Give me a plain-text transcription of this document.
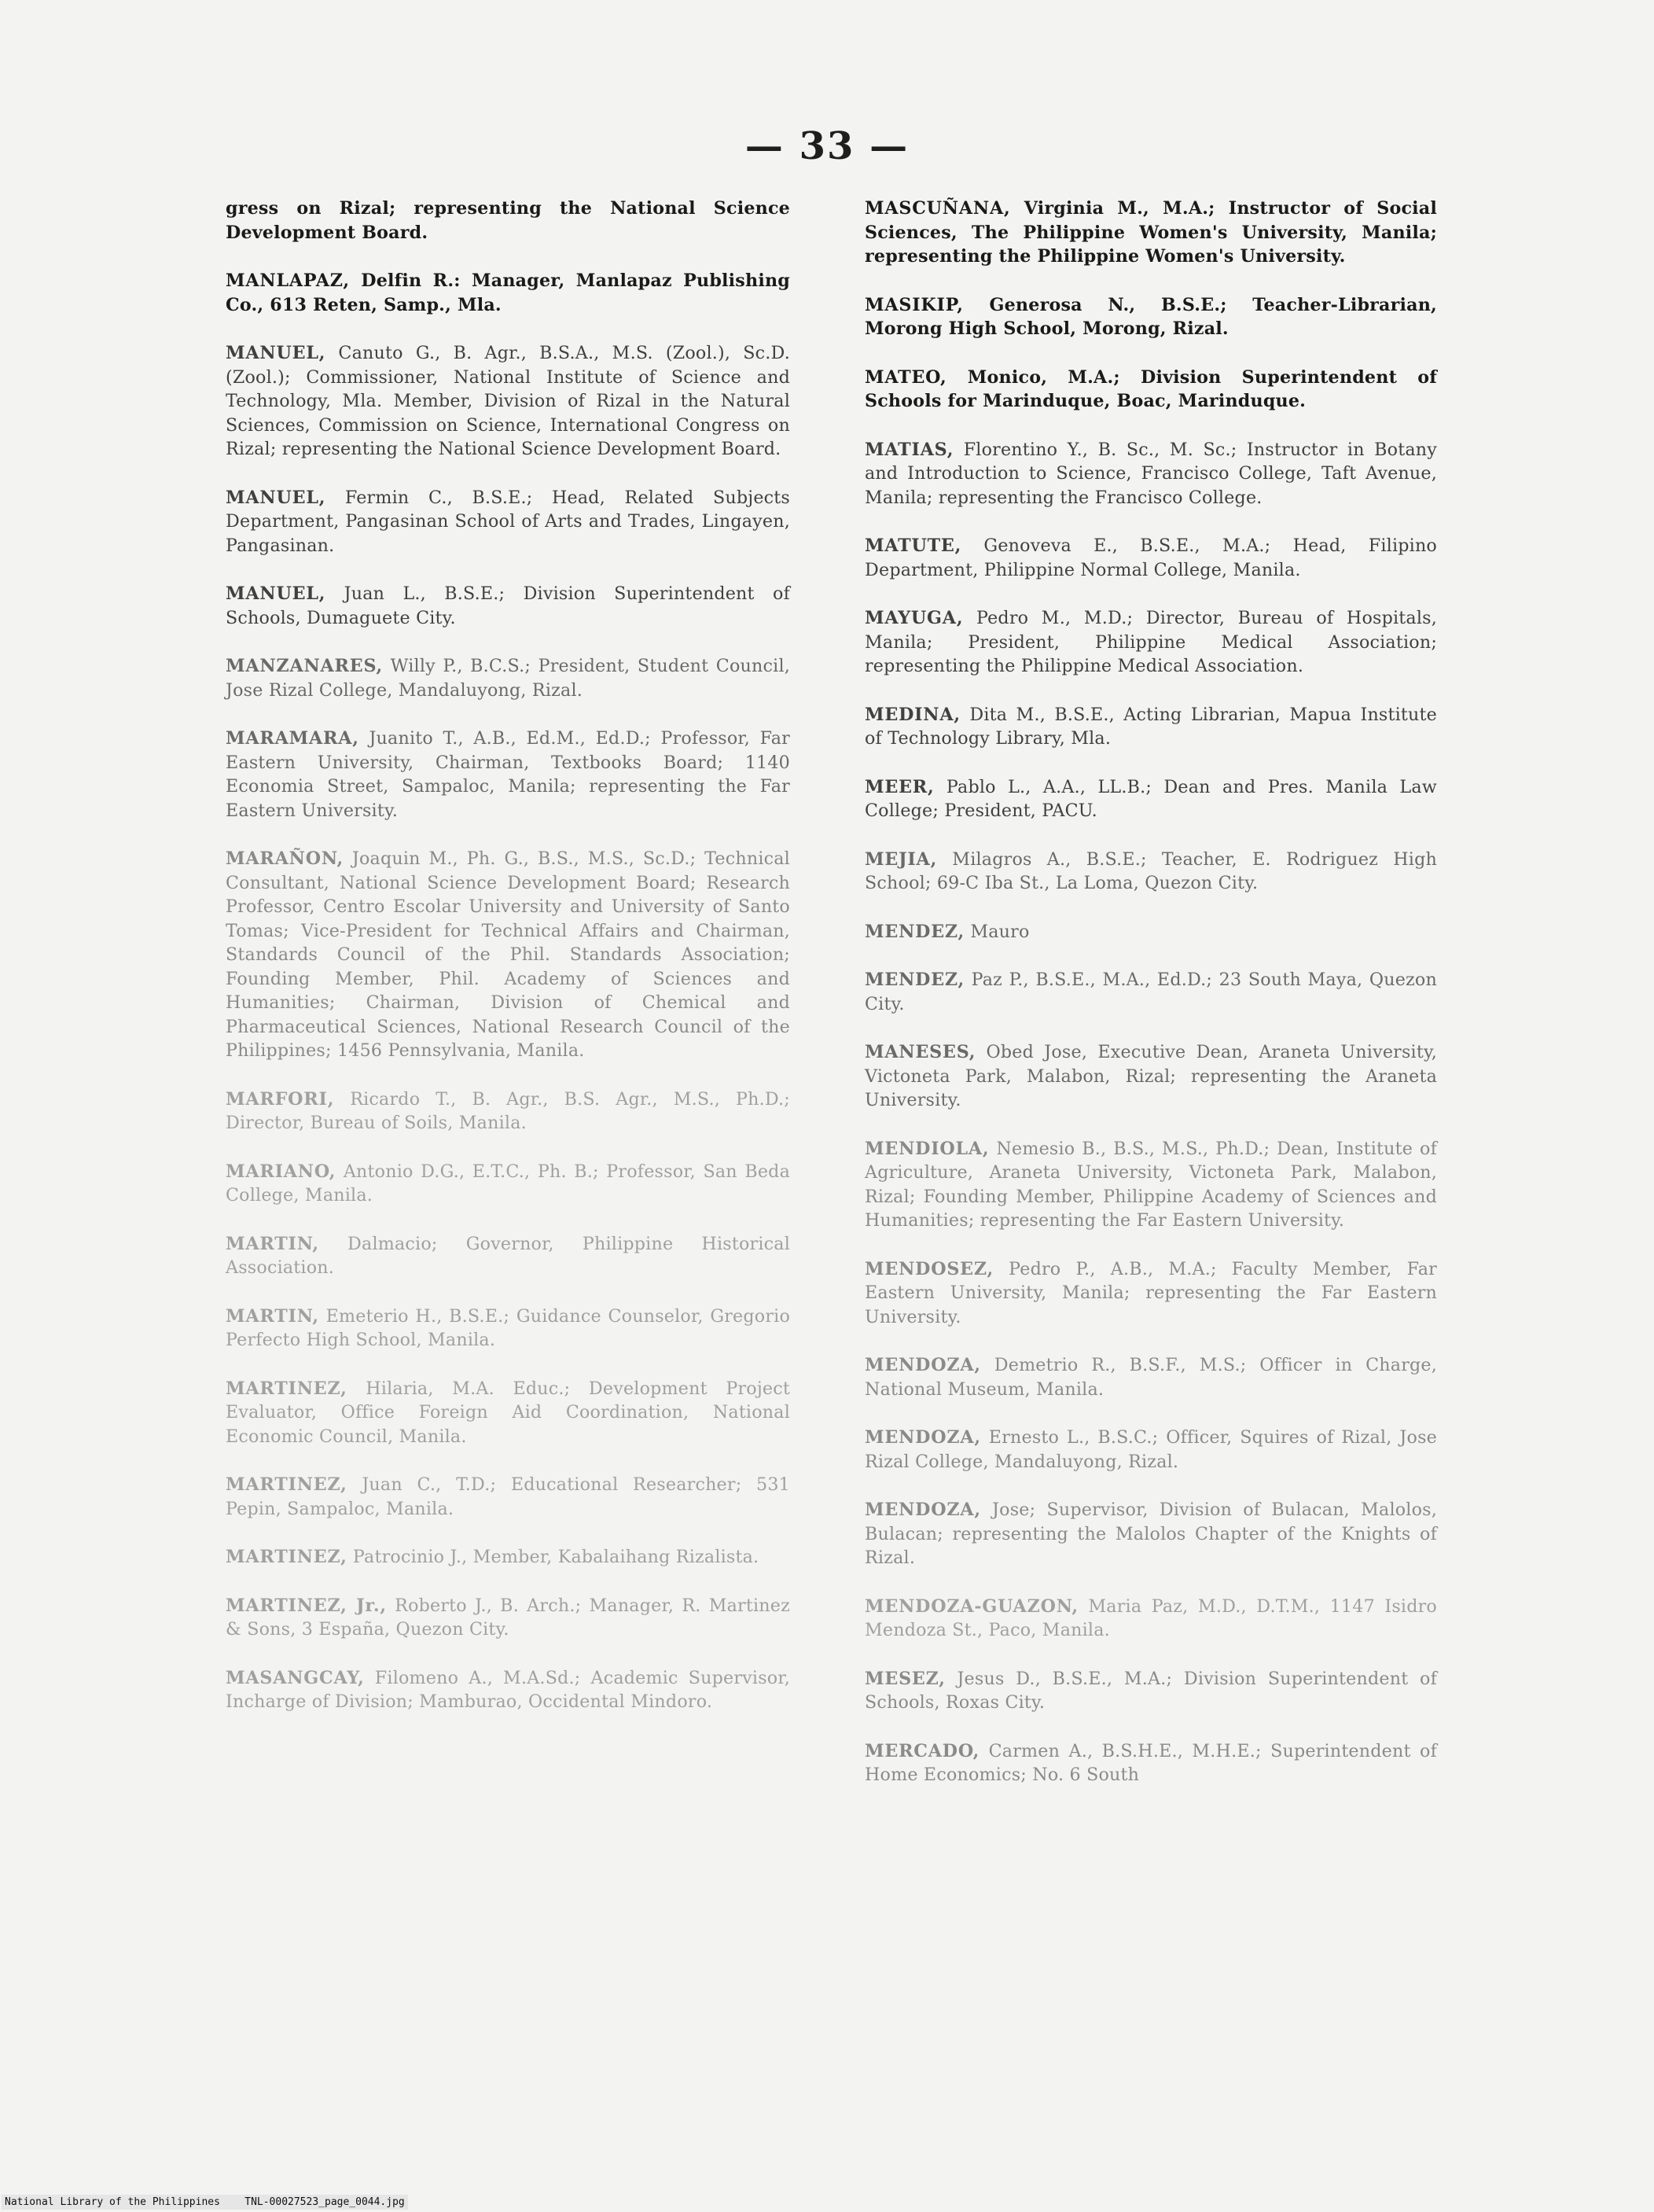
— 33 —

gress on Rizal; representing the National Science Development Board.

MANLAPAZ, Delfin R.: Manager, Manlapaz Publishing Co., 613 Reten, Samp., Mla.

MANUEL, Canuto G., B. Agr., B.S.A., M.S. (Zool.), Sc.D. (Zool.); Commissioner, National Institute of Science and Technology, Mla. Member, Division of Rizal in the Natural Sciences, Commission on Science, International Congress on Rizal; representing the National Science Development Board.

MANUEL, Fermin C., B.S.E.; Head, Related Subjects Department, Pangasinan School of Arts and Trades, Lingayen, Pangasinan.

MANUEL, Juan L., B.S.E.; Division Superintendent of Schools, Dumaguete City.

MANZANARES, Willy P., B.C.S.; President, Student Council, Jose Rizal College, Mandaluyong, Rizal.

MARAMARA, Juanito T., A.B., Ed.M., Ed.D.; Professor, Far Eastern University, Chairman, Textbooks Board; 1140 Economia Street, Sampaloc, Manila; representing the Far Eastern University.

MARAÑON, Joaquin M., Ph. G., B.S., M.S., Sc.D.; Technical Consultant, National Science Development Board; Research Professor, Centro Escolar University and University of Santo Tomas; Vice-President for Technical Affairs and Chairman, Standards Council of the Phil. Standards Association; Founding Member, Phil. Academy of Sciences and Humanities; Chairman, Division of Chemical and Pharmaceutical Sciences, National Research Council of the Philippines; 1456 Pennsylvania, Manila.

MARFORI, Ricardo T., B. Agr., B.S. Agr., M.S., Ph.D.; Director, Bureau of Soils, Manila.

MARIANO, Antonio D.G., E.T.C., Ph. B.; Professor, San Beda College, Manila.

MARTIN, Dalmacio; Governor, Philippine Historical Association.

MARTIN, Emeterio H., B.S.E.; Guidance Counselor, Gregorio Perfecto High School, Manila.

MARTINEZ, Hilaria, M.A. Educ.; Development Project Evaluator, Office Foreign Aid Coordination, National Economic Council, Manila.

MARTINEZ, Juan C., T.D.; Educational Researcher; 531 Pepin, Sampaloc, Manila.

MARTINEZ, Patrocinio J., Member, Kabalaihang Rizalista.

MARTINEZ, Jr., Roberto J., B. Arch.; Manager, R. Martinez & Sons, 3 España, Quezon City.

MASANGCAY, Filomeno A., M.A.Sd.; Academic Supervisor, Incharge of Division; Mamburao, Occidental Mindoro.

MASCUÑANA, Virginia M., M.A.; Instructor of Social Sciences, The Philippine Women's University, Manila; representing the Philippine Women's University.

MASIKIP, Generosa N., B.S.E.; Teacher-Librarian, Morong High School, Morong, Rizal.

MATEO, Monico, M.A.; Division Superintendent of Schools for Marinduque, Boac, Marinduque.

MATIAS, Florentino Y., B. Sc., M. Sc.; Instructor in Botany and Introduction to Science, Francisco College, Taft Avenue, Manila; representing the Francisco College.

MATUTE, Genoveva E., B.S.E., M.A.; Head, Filipino Department, Philippine Normal College, Manila.

MAYUGA, Pedro M., M.D.; Director, Bureau of Hospitals, Manila; President, Philippine Medical Association; representing the Philippine Medical Association.

MEDINA, Dita M., B.S.E., Acting Librarian, Mapua Institute of Technology Library, Mla.

MEER, Pablo L., A.A., LL.B.; Dean and Pres. Manila Law College; President, PACU.

MEJIA, Milagros A., B.S.E.; Teacher, E. Rodriguez High School; 69-C Iba St., La Loma, Quezon City.

MENDEZ, Mauro

MENDEZ, Paz P., B.S.E., M.A., Ed.D.; 23 South Maya, Quezon City.

MANESES, Obed Jose, Executive Dean, Araneta University, Victoneta Park, Malabon, Rizal; representing the Araneta University.

MENDIOLA, Nemesio B., B.S., M.S., Ph.D.; Dean, Institute of Agriculture, Araneta University, Victoneta Park, Malabon, Rizal; Founding Member, Philippine Academy of Sciences and Humanities; representing the Far Eastern University.

MENDOSEZ, Pedro P., A.B., M.A.; Faculty Member, Far Eastern University, Manila; representing the Far Eastern University.

MENDOZA, Demetrio R., B.S.F., M.S.; Officer in Charge, National Museum, Manila.

MENDOZA, Ernesto L., B.S.C.; Officer, Squires of Rizal, Jose Rizal College, Mandaluyong, Rizal.

MENDOZA, Jose; Supervisor, Division of Bulacan, Malolos, Bulacan; representing the Malolos Chapter of the Knights of Rizal.

MENDOZA-GUAZON, Maria Paz, M.D., D.T.M., 1147 Isidro Mendoza St., Paco, Manila.

MESEZ, Jesus D., B.S.E., M.A.; Division Superintendent of Schools, Roxas City.

MERCADO, Carmen A., B.S.H.E., M.H.E.; Superintendent of Home Economics; No. 6 South

National Library of the Philippines    TNL-00027523_page_0044.jpg
